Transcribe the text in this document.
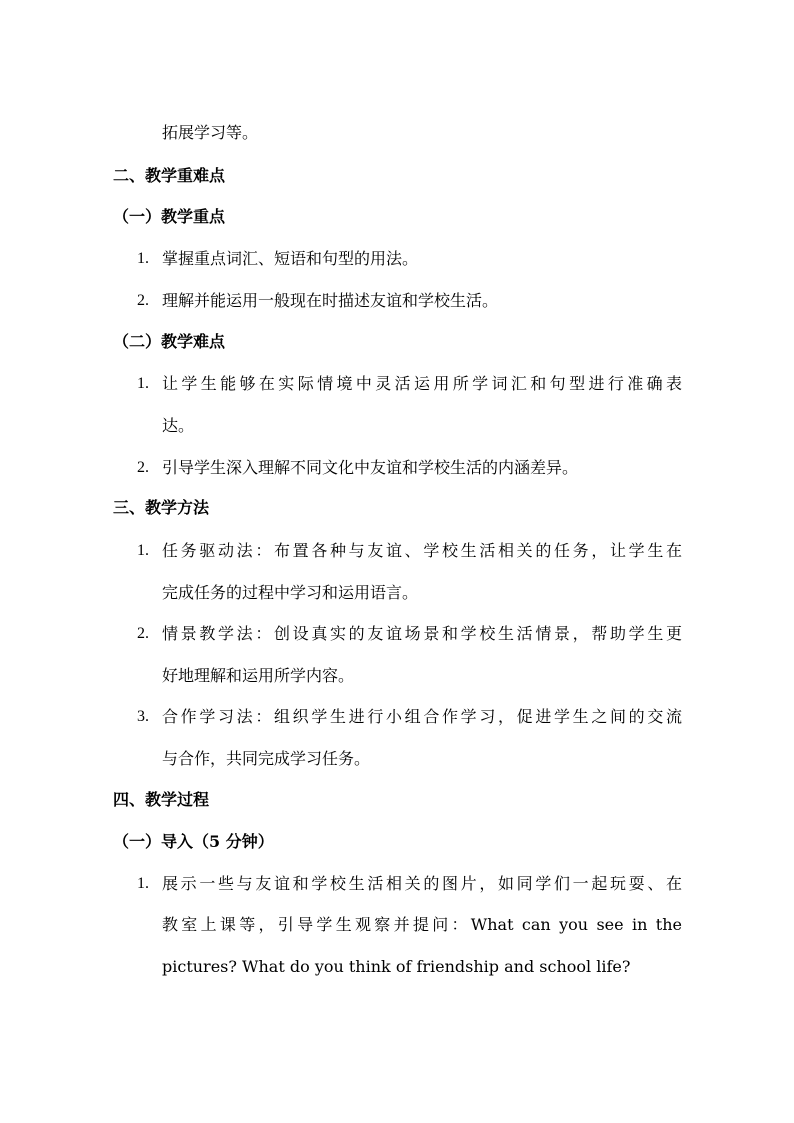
拓展学习等。
二、教学重难点
（一）教学重点
1. 掌握重点词汇、短语和句型的用法。
2. 理解并能运用一般现在时描述友谊和学校生活。
（二）教学难点
1. 让学生能够在实际情境中灵活运用所学词汇和句型进行准确表
达。
2. 引导学生深入理解不同文化中友谊和学校生活的内涵差异。
三、教学方法
1. 任务驱动法：布置各种与友谊、学校生活相关的任务，让学生在
完成任务的过程中学习和运用语言。
2. 情景教学法：创设真实的友谊场景和学校生活情景，帮助学生更
好地理解和运用所学内容。
3. 合作学习法：组织学生进行小组合作学习，促进学生之间的交流
与合作，共同完成学习任务。
四、教学过程
（一）导入（5 分钟）
1. 展示一些与友谊和学校生活相关的图片，如同学们一起玩耍、在
教室上课等，引导学生观察并提问：What can you see in the
pictures? What do you think of friendship and school life?
